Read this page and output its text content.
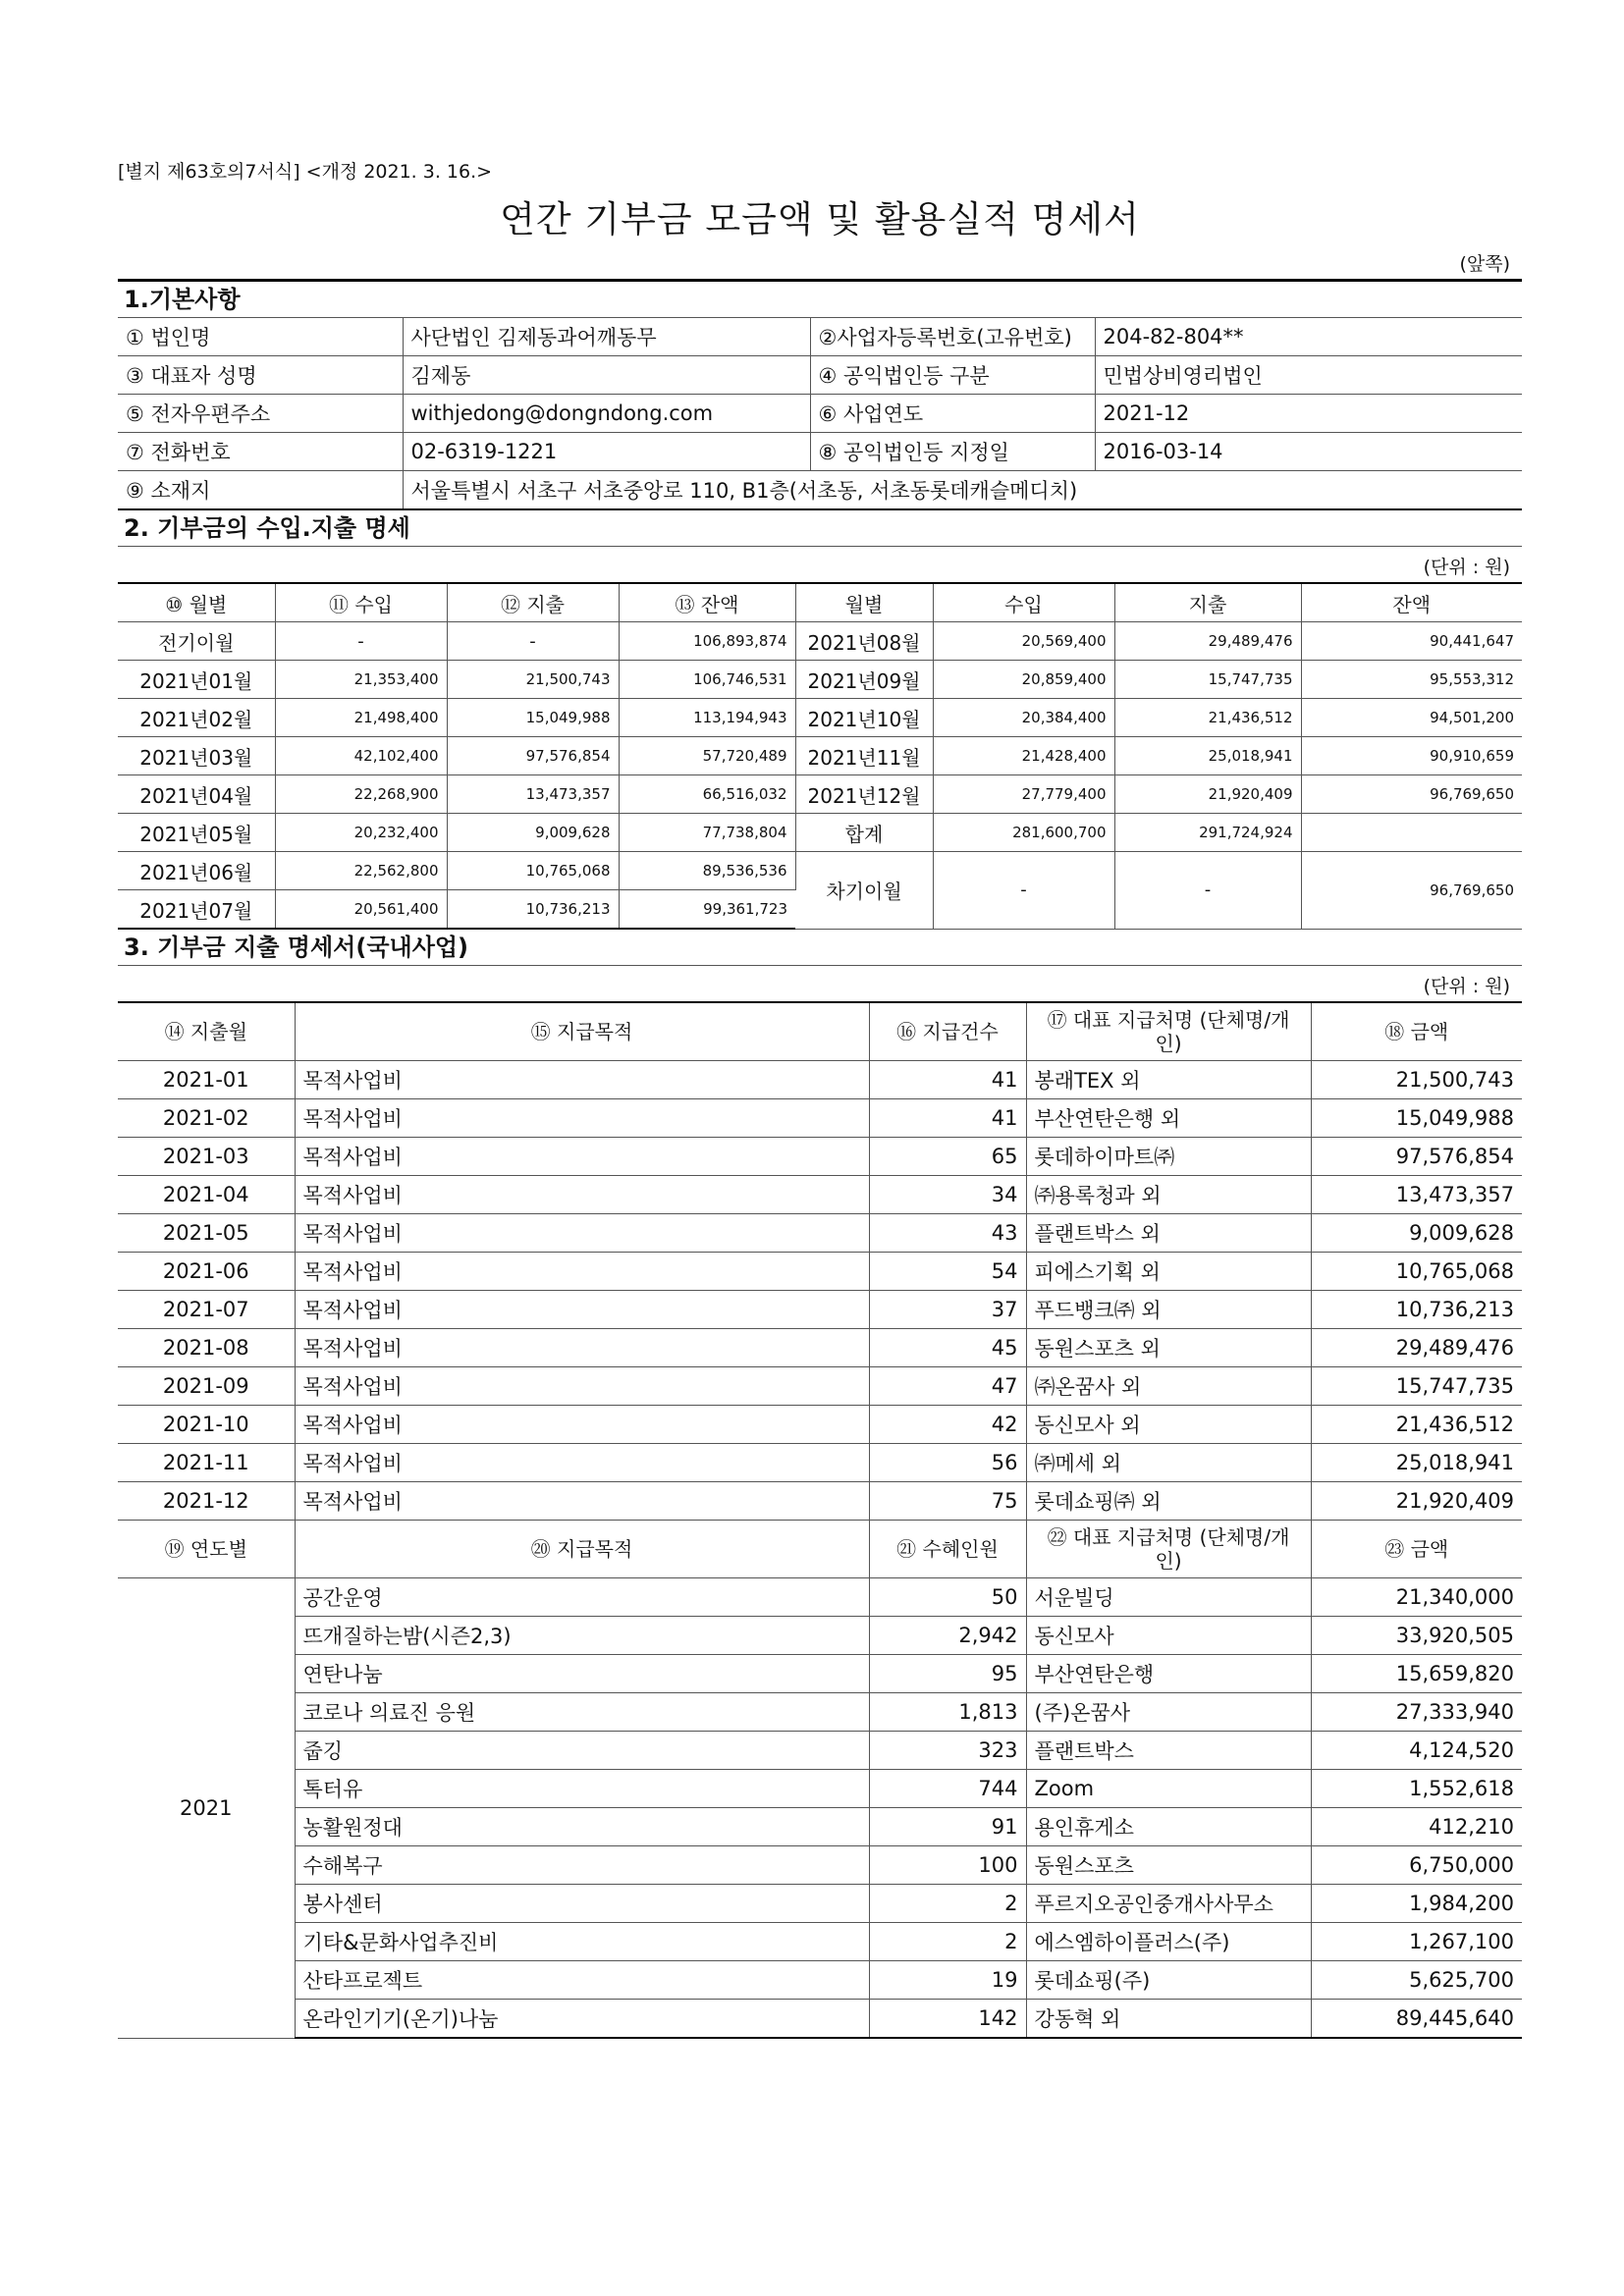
[별지 제63호의7서식] <개정 2021. 3. 16.>
연간 기부금 모금액 및 활용실적 명세서
(앞쪽)
1.기본사항
① 법인명	사단법인 김제동과어깨동무	②사업자등록번호(고유번호)	204-82-804**
③ 대표자 성명	김제동	④ 공익법인등 구분	민법상비영리법인
⑤ 전자우편주소	withjedong@dongndong.com	⑥ 사업연도	2021-12
⑦ 전화번호	02-6319-1221	⑧ 공익법인등 지정일	2016-03-14
⑨ 소재지	서울특별시 서초구 서초중앙로 110, B1층(서초동, 서초동롯데캐슬메디치)		
2. 기부금의 수입.지출 명세
(단위 : 원)
⑩ 월별	⑪ 수입	⑫ 지출	⑬ 잔액	월별	수입	지출	잔액
전기이월	-	-	106,893,874	2021년08월	20,569,400	29,489,476	90,441,647
2021년01월	21,353,400	21,500,743	106,746,531	2021년09월	20,859,400	15,747,735	95,553,312
2021년02월	21,498,400	15,049,988	113,194,943	2021년10월	20,384,400	21,436,512	94,501,200
2021년03월	42,102,400	97,576,854	57,720,489	2021년11월	21,428,400	25,018,941	90,910,659
2021년04월	22,268,900	13,473,357	66,516,032	2021년12월	27,779,400	21,920,409	96,769,650
2021년05월	20,232,400	9,009,628	77,738,804	합계	281,600,700	291,724,924	
2021년06월	22,562,800	10,765,068	89,536,536	차기이월	-	-	96,769,650
2021년07월	20,561,400	10,736,213	99,361,723				
3. 기부금 지출 명세서(국내사업)
(단위 : 원)
⑭ 지출월	⑮ 지급목적	⑯ 지급건수	⑰ 대표 지급처명 (단체명/개인)	⑱ 금액
2021-01	목적사업비	41	봉래TEX 외	21,500,743
2021-02	목적사업비	41	부산연탄은행 외	15,049,988
2021-03	목적사업비	65	롯데하이마트㈜	97,576,854
2021-04	목적사업비	34	㈜용록청과 외	13,473,357
2021-05	목적사업비	43	플랜트박스 외	9,009,628
2021-06	목적사업비	54	피에스기획 외	10,765,068
2021-07	목적사업비	37	푸드뱅크㈜ 외	10,736,213
2021-08	목적사업비	45	동원스포츠 외	29,489,476
2021-09	목적사업비	47	㈜온꿈사 외	15,747,735
2021-10	목적사업비	42	동신모사 외	21,436,512
2021-11	목적사업비	56	㈜메세 외	25,018,941
2021-12	목적사업비	75	롯데쇼핑㈜ 외	21,920,409
⑲ 연도별	⑳ 지급목적	㉑ 수혜인원	㉒ 대표 지급처명 (단체명/개인)	㉓ 금액
2021	공간운영	50	서운빌딩	21,340,000
	뜨개질하는밤(시즌2,3)	2,942	동신모사	33,920,505
	연탄나눔	95	부산연탄은행	15,659,820
	코로나 의료진 응원	1,813	(주)온꿈사	27,333,940
	줍깅	323	플랜트박스	4,124,520
	톡터유	744	Zoom	1,552,618
	농활원정대	91	용인휴게소	412,210
	수해복구	100	동원스포츠	6,750,000
	봉사센터	2	푸르지오공인중개사사무소	1,984,200
	기타&문화사업추진비	2	에스엠하이플러스(주)	1,267,100
	산타프로젝트	19	롯데쇼핑(주)	5,625,700
	온라인기기(온기)나눔	142	강동혁 외	89,445,640
